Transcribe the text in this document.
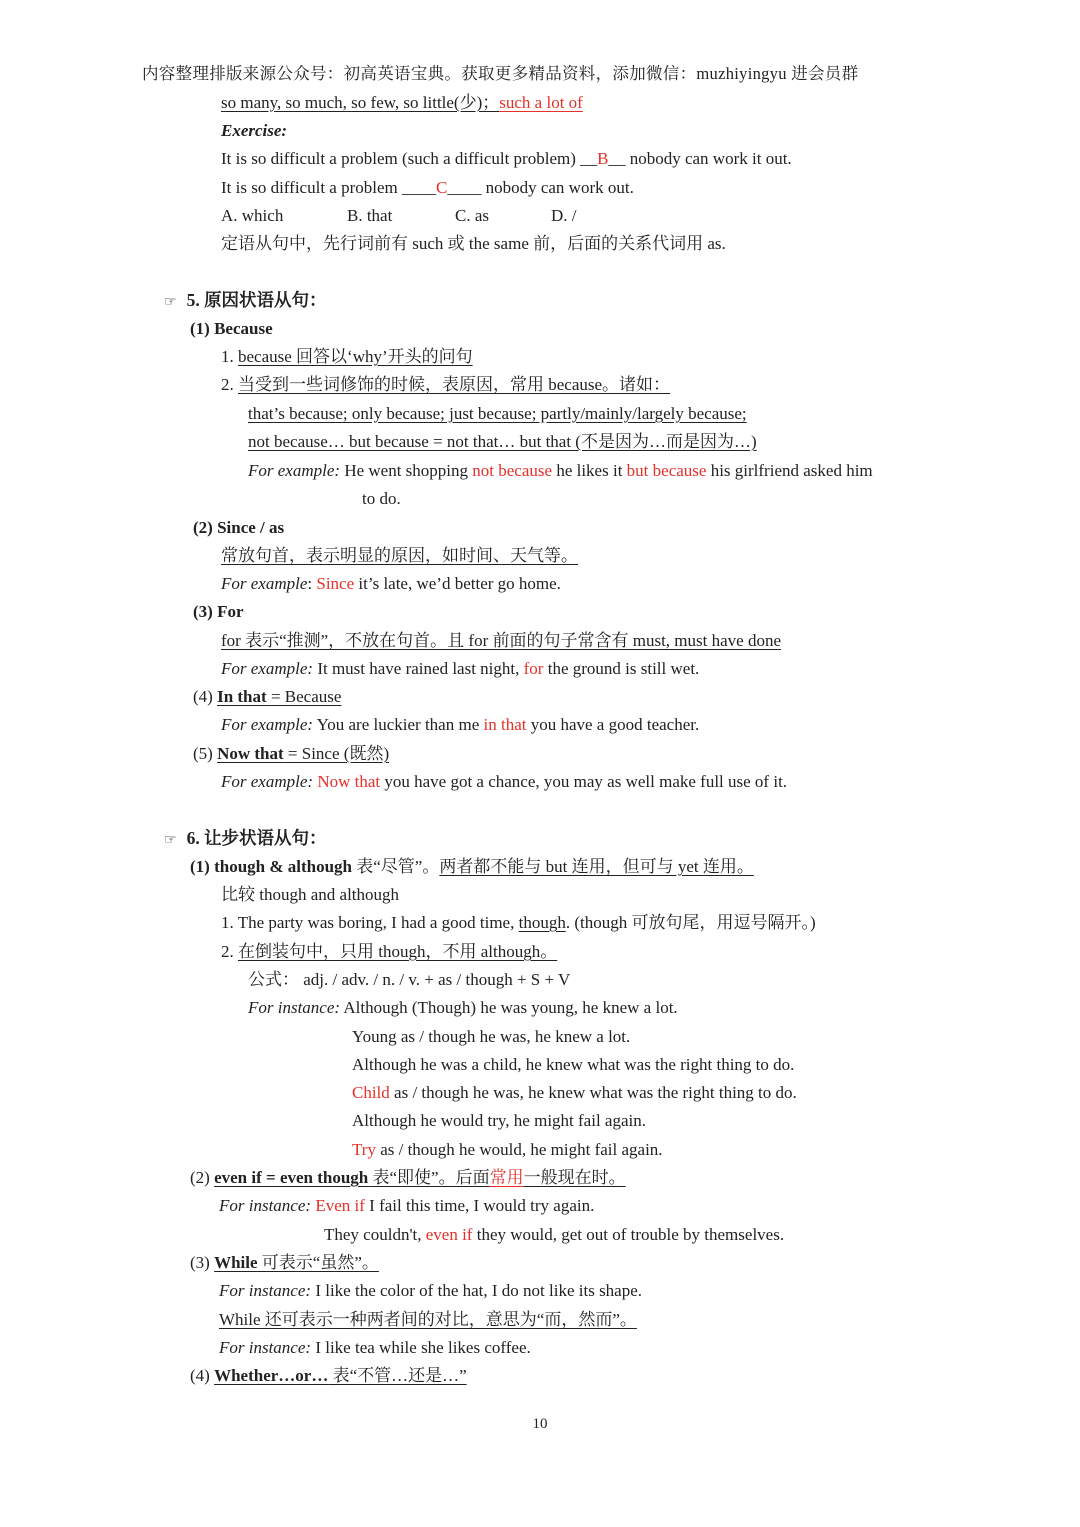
内容整理排版来源公众号：初高英语宝典。获取更多精品资料，添加微信：muzhiyingyu 进会员群
so many, so much, so few, so little(少)；such a lot of
Exercise:
It is so difficult a problem (such a difficult problem) __B__ nobody can work it out.
It is so difficult a problem ____C____ nobody can work out.
A. which	B. that	C. as	D. /
定语从句中，先行词前有 such 或 the same 前，后面的关系代词用 as.
☞ 5. 原因状语从句：
(1) Because
1. because 回答以‘why’开头的问句
2. 当受到一些词修饰的时候，表原因，常用 because。诸如：
that’s because; only because; just because; partly/mainly/largely because;
not because… but because = not that… but that (不是因为…而是因为…)
For example: He went shopping not because he likes it but because his girlfriend asked him
to do.
(2) Since / as
常放句首，表示明显的原因，如时间、天气等。
For example: Since it’s late, we’d better go home.
(3) For
for 表示“推测”，不放在句首。且 for 前面的句子常含有 must, must have done
For example: It must have rained last night, for the ground is still wet.
(4) In that = Because
For example: You are luckier than me in that you have a good teacher.
(5) Now that = Since (既然)
For example: Now that you have got a chance, you may as well make full use of it.
☞ 6. 让步状语从句：
(1) though & although 表“尽管”。两者都不能与 but 连用，但可与 yet 连用。
比较 though and although
1. The party was boring, I had a good time, though. (though 可放句尾，用逗号隔开。)
2. 在倒装句中，只用 though，不用 although。
公式： adj. / adv. / n. / v. + as / though + S + V
For instance: Although (Though) he was young, he knew a lot.
Young as / though he was, he knew a lot.
Although he was a child, he knew what was the right thing to do.
Child as / though he was, he knew what was the right thing to do.
Although he would try, he might fail again.
Try as / though he would, he might fail again.
(2) even if = even though 表“即使”。后面常用一般现在时。
For instance: Even if I fail this time, I would try again.
They couldn't, even if they would, get out of trouble by themselves.
(3) While 可表示“虽然”。
For instance: I like the color of the hat, I do not like its shape.
While 还可表示一种两者间的对比，意思为“而，然而”。
For instance: I like tea while she likes coffee.
(4) Whether…or… 表“不管…还是…”
10
